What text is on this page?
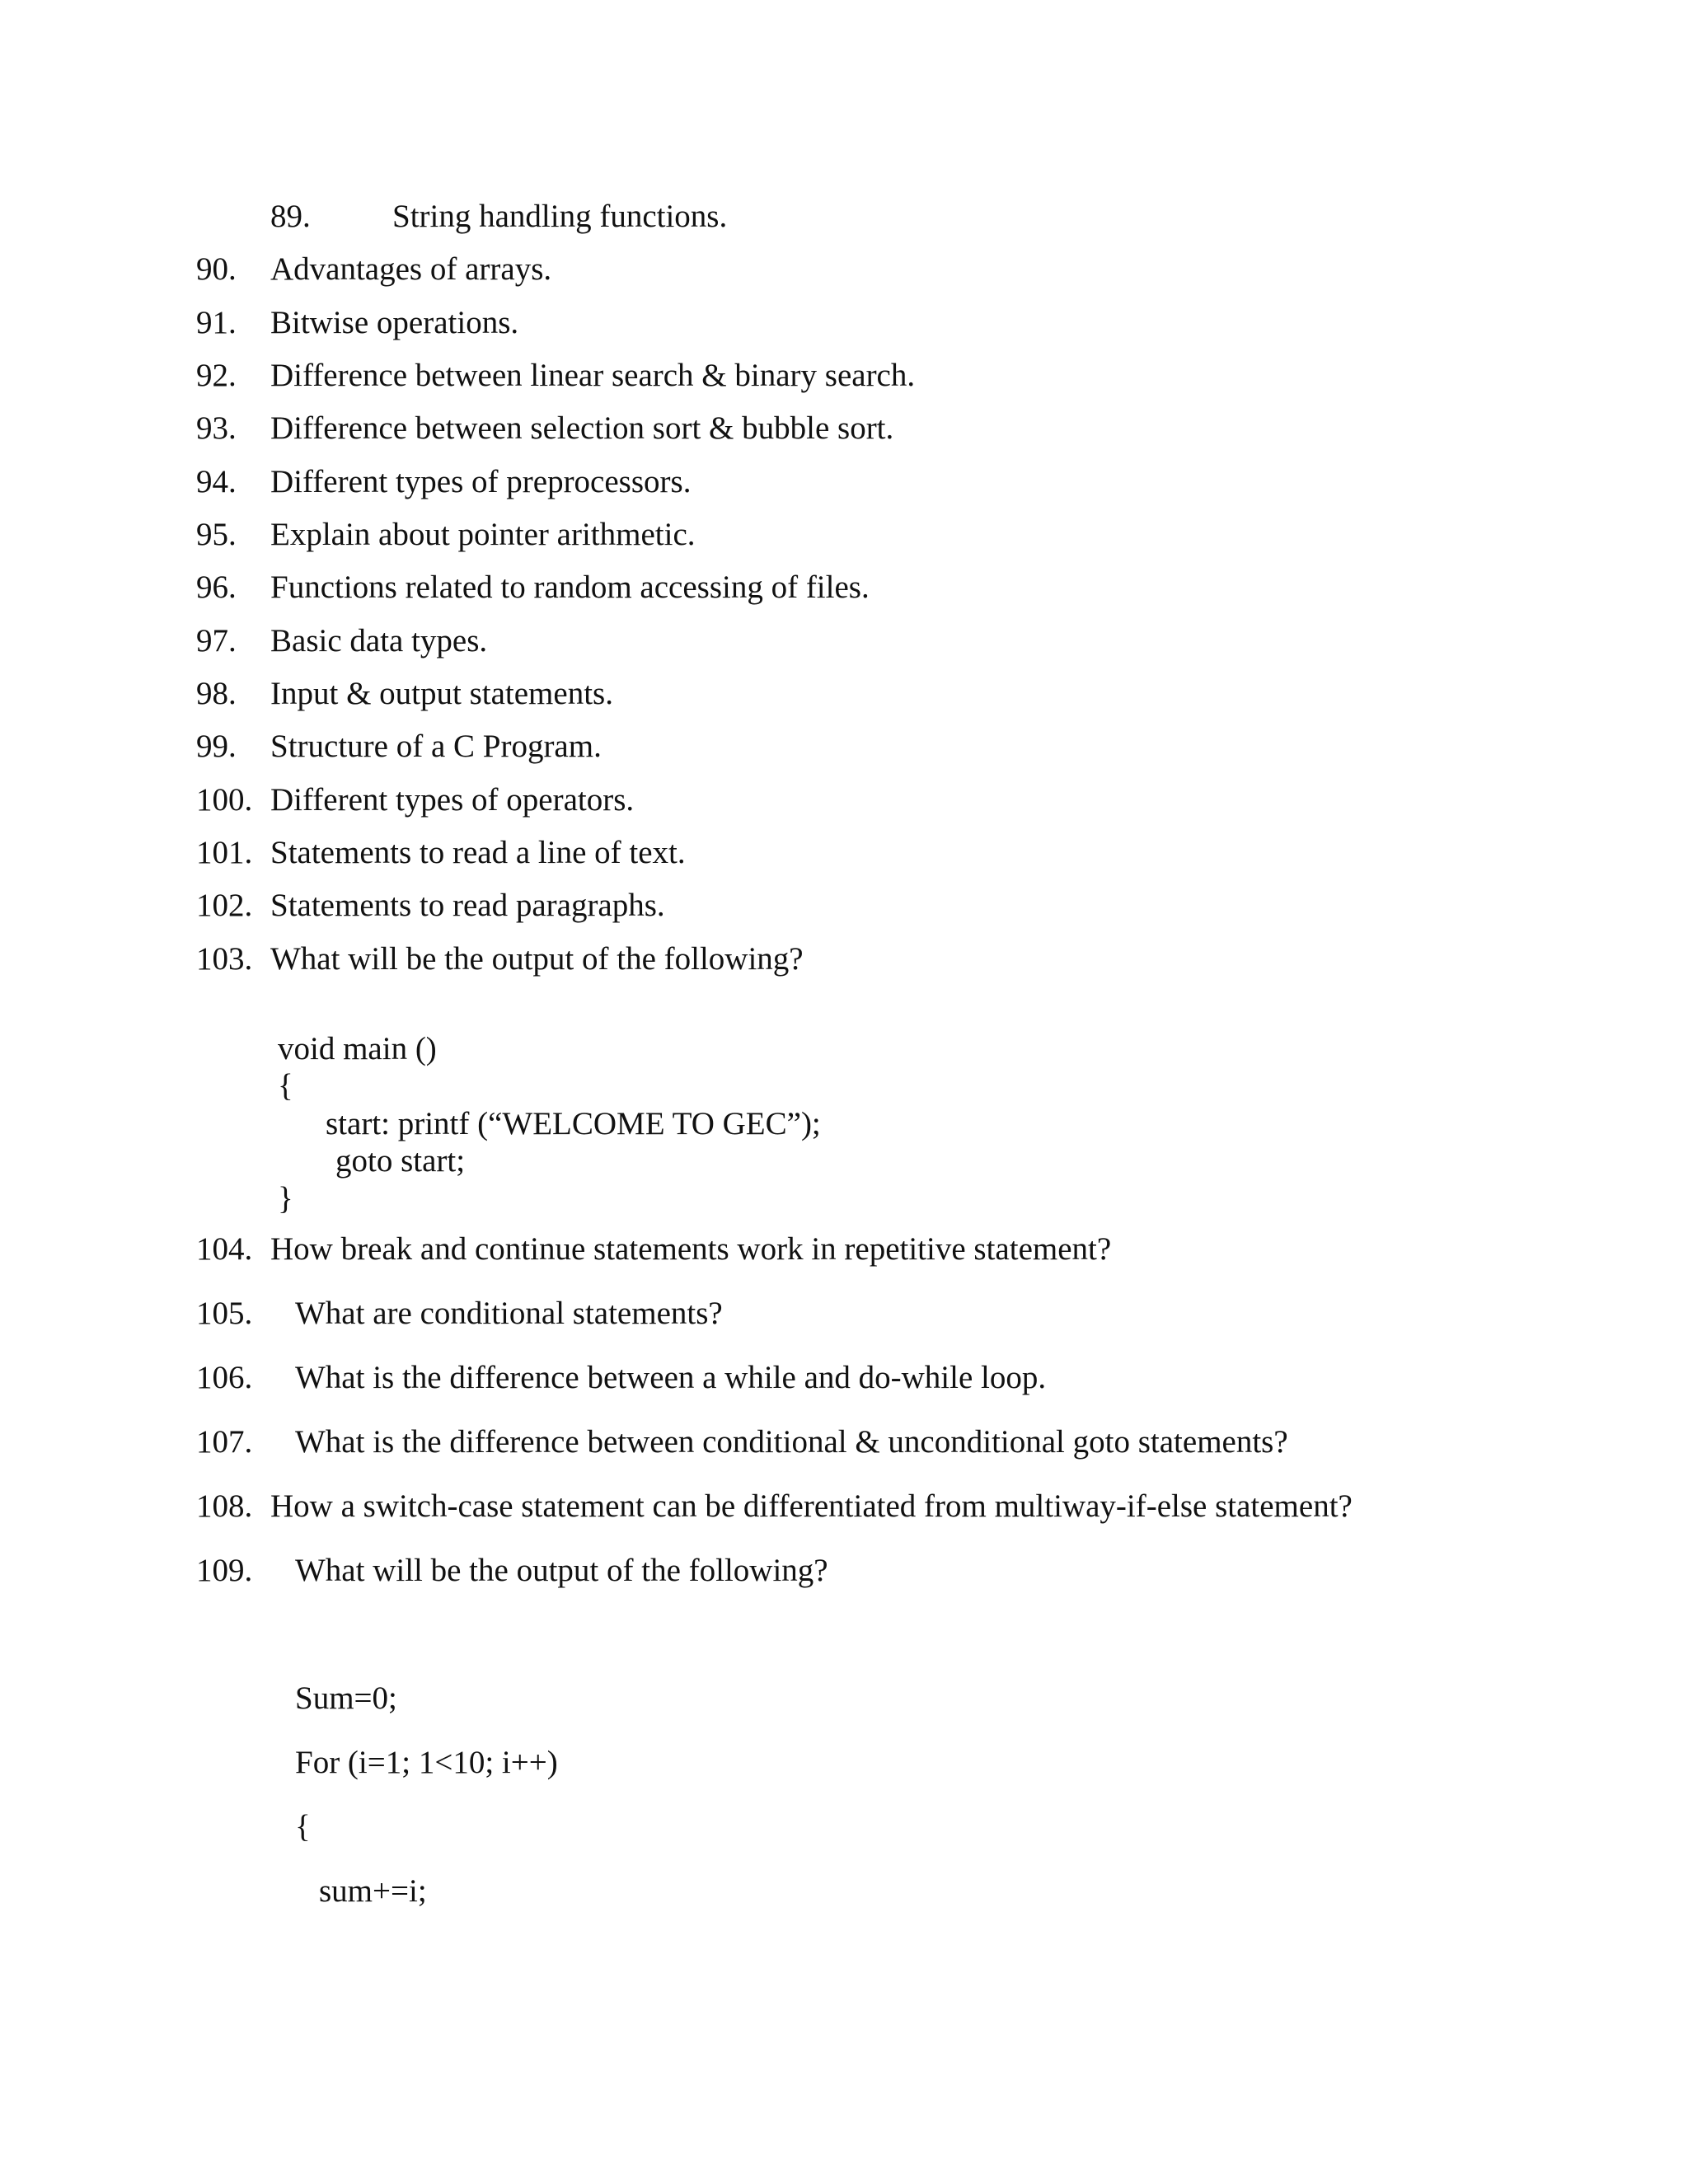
89.	String handling functions.
90. Advantages of arrays.
91. Bitwise operations.
92. Difference between linear search & binary search.
93. Difference between selection sort & bubble sort.
94. Different types of preprocessors.
95. Explain about pointer arithmetic.
96. Functions related to random accessing of files.
97. Basic data types.
98. Input & output statements.
99. Structure of a C Program.
100. Different types of operators.
101. Statements to read a line of text.
102. Statements to read paragraphs.
103. What will be the output of the following?
void main ()
{
start: printf (“WELCOME TO GEC”);
goto start;
}
104. How break and continue statements work in repetitive statement?
105. What are conditional statements?
106. What is the difference between a while and do-while loop.
107. What is the difference between conditional & unconditional goto statements?
108. How a switch-case statement can be differentiated from multiway-if-else statement?
109. What will be the output of the following?
Sum=0;
For (i=1; 1<10; i++)
{
sum+=i;
